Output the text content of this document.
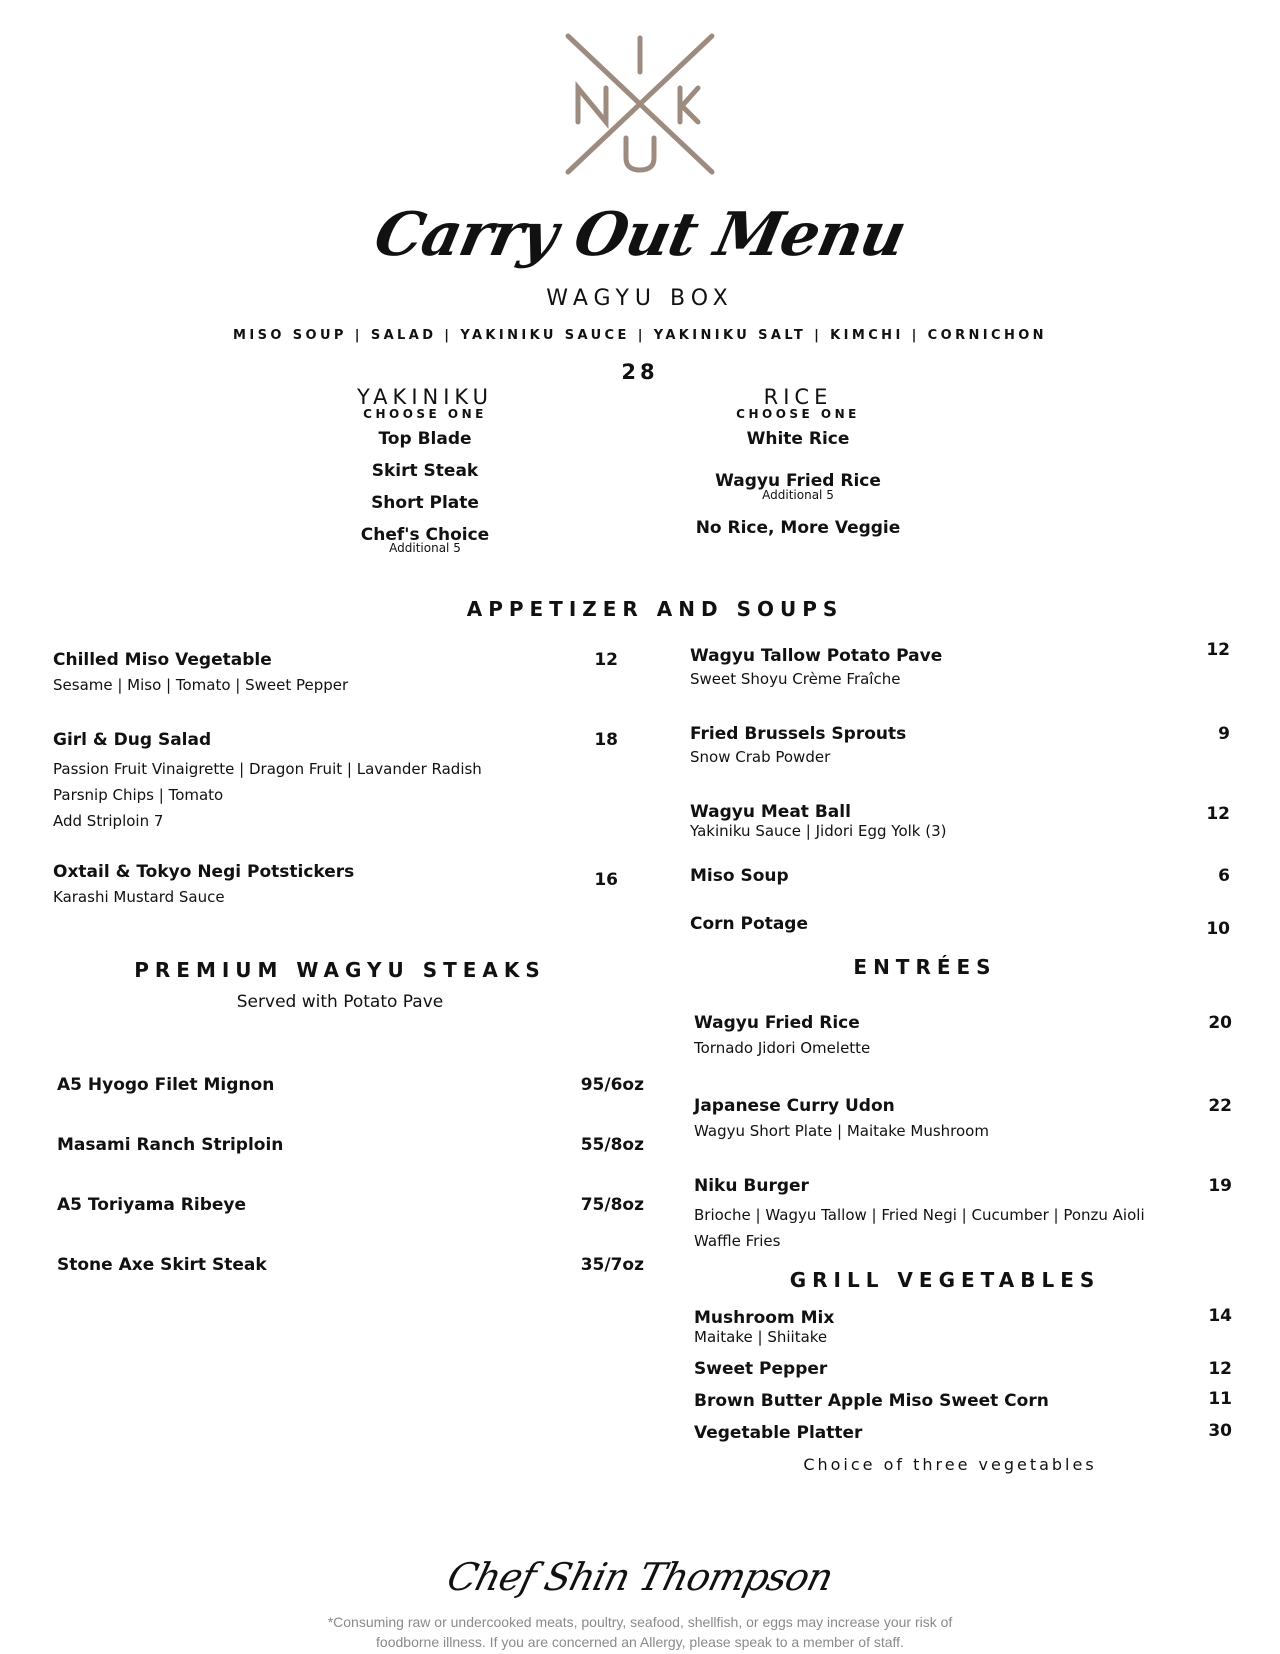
Carry Out Menu
WAGYU BOX
MISO SOUP | SALAD | YAKINIKU SAUCE | YAKINIKU SALT | KIMCHI | CORNICHON
28
YAKINIKU
CHOOSE ONE
Top Blade
Skirt Steak
Short Plate
Chef's Choice
Additional 5
RICE
CHOOSE ONE
White Rice
Wagyu Fried Rice
Additional 5
No Rice, More Veggie
APPETIZER AND SOUPS
Chilled Miso Vegetable	12
Sesame | Miso | Tomato | Sweet Pepper
Girl & Dug Salad	18
Passion Fruit Vinaigrette | Dragon Fruit | Lavander Radish
Parsnip Chips | Tomato
Add Striploin 7
Oxtail & Tokyo Negi Potstickers	16
Karashi Mustard Sauce
Wagyu Tallow Potato Pave	12
Sweet Shoyu Crème Fraîche
Fried Brussels Sprouts	9
Snow Crab Powder
Wagyu Meat Ball	12
Yakiniku Sauce | Jidori Egg Yolk (3)
Miso Soup	6
Corn Potage	10
PREMIUM WAGYU STEAKS
Served with Potato Pave
A5 Hyogo Filet Mignon	95/6oz
Masami Ranch Striploin	55/8oz
A5 Toriyama Ribeye	75/8oz
Stone Axe Skirt Steak	35/7oz
ENTRÉES
Wagyu Fried Rice	20
Tornado Jidori Omelette
Japanese Curry Udon	22
Wagyu Short Plate | Maitake Mushroom
Niku Burger	19
Brioche | Wagyu Tallow | Fried Negi | Cucumber | Ponzu Aioli
Waffle Fries
GRILL VEGETABLES
Mushroom Mix	14
Maitake | Shiitake
Sweet Pepper	12
Brown Butter Apple Miso Sweet Corn	11
Vegetable Platter	30
Choice of three vegetables
Chef Shin Thompson
*Consuming raw or undercooked meats, poultry, seafood, shellfish, or eggs may increase your risk of
foodborne illness. If you are concerned an Allergy, please speak to a member of staff.
